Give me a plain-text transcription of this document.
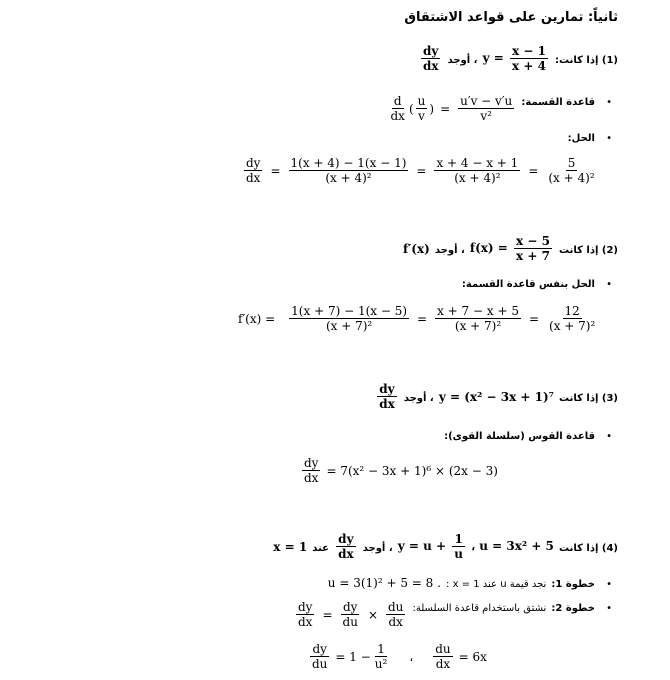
ثانياً: تمارين على قواعد الاشتقاق
(1) إذا كانت: $y = \frac{x - 1}{x + 4}$
، أوجد
$\frac{dy}{dx}$
• قاعدة القسمة:
$\frac{d}{dx}$ ( $\frac{u}{v}$ ) = $\frac{u'v - v'u}{\text{v²}}$
• الحل:
$\frac{dy}{dx} = \frac{1(x + 4) - 1(x - 1)}{\text{(x + 4)²}} = \frac{x + 4 - x + 1}{\text{(x + 4)²}} = \frac{5}{\text{(x + 4)²}}$
(2) إذا كانت $f(x) = \frac{x - 5}{x + 7}$
، أوجد f′(x)
• الحل بنفس قاعدة القسمة:
$f'(x) = \frac{1(x + 7) - 1(x - 5)}{\text{(x + 7)²}} = \frac{x + 7 - x + 5}{\text{(x + 7)²}} = \frac{12}{\text{(x + 7)²}}$
(3) إذا كانت y = (x² − 3x + 1)⁷ ، أوجد
$\frac{dy}{dx}$
• قاعدة القوس (سلسلة القوى):
$\frac{dy}{dx} = 7(x^2 - 3x + 1)^6 \times (2x - 3)$
(4) إذا كانت $y = u + \frac{1}{u}$ ، u = 3x² + 5 ، أوجد
$\frac{dy}{dx}$
عند x = 1
• خطوة 1: نجد قيمة u عند x = 1 : u = 3(1)² + 5 = 8 .
• خطوة 2: نشتق باستخدام قاعدة السلسلة:
$\frac{dy}{dx} = \frac{dy}{du} \times \frac{du}{dx}$
$\frac{dy}{du} = 1 - \frac{1}{\text{u²}}$ ، $\frac{du}{dx} = 6x$
